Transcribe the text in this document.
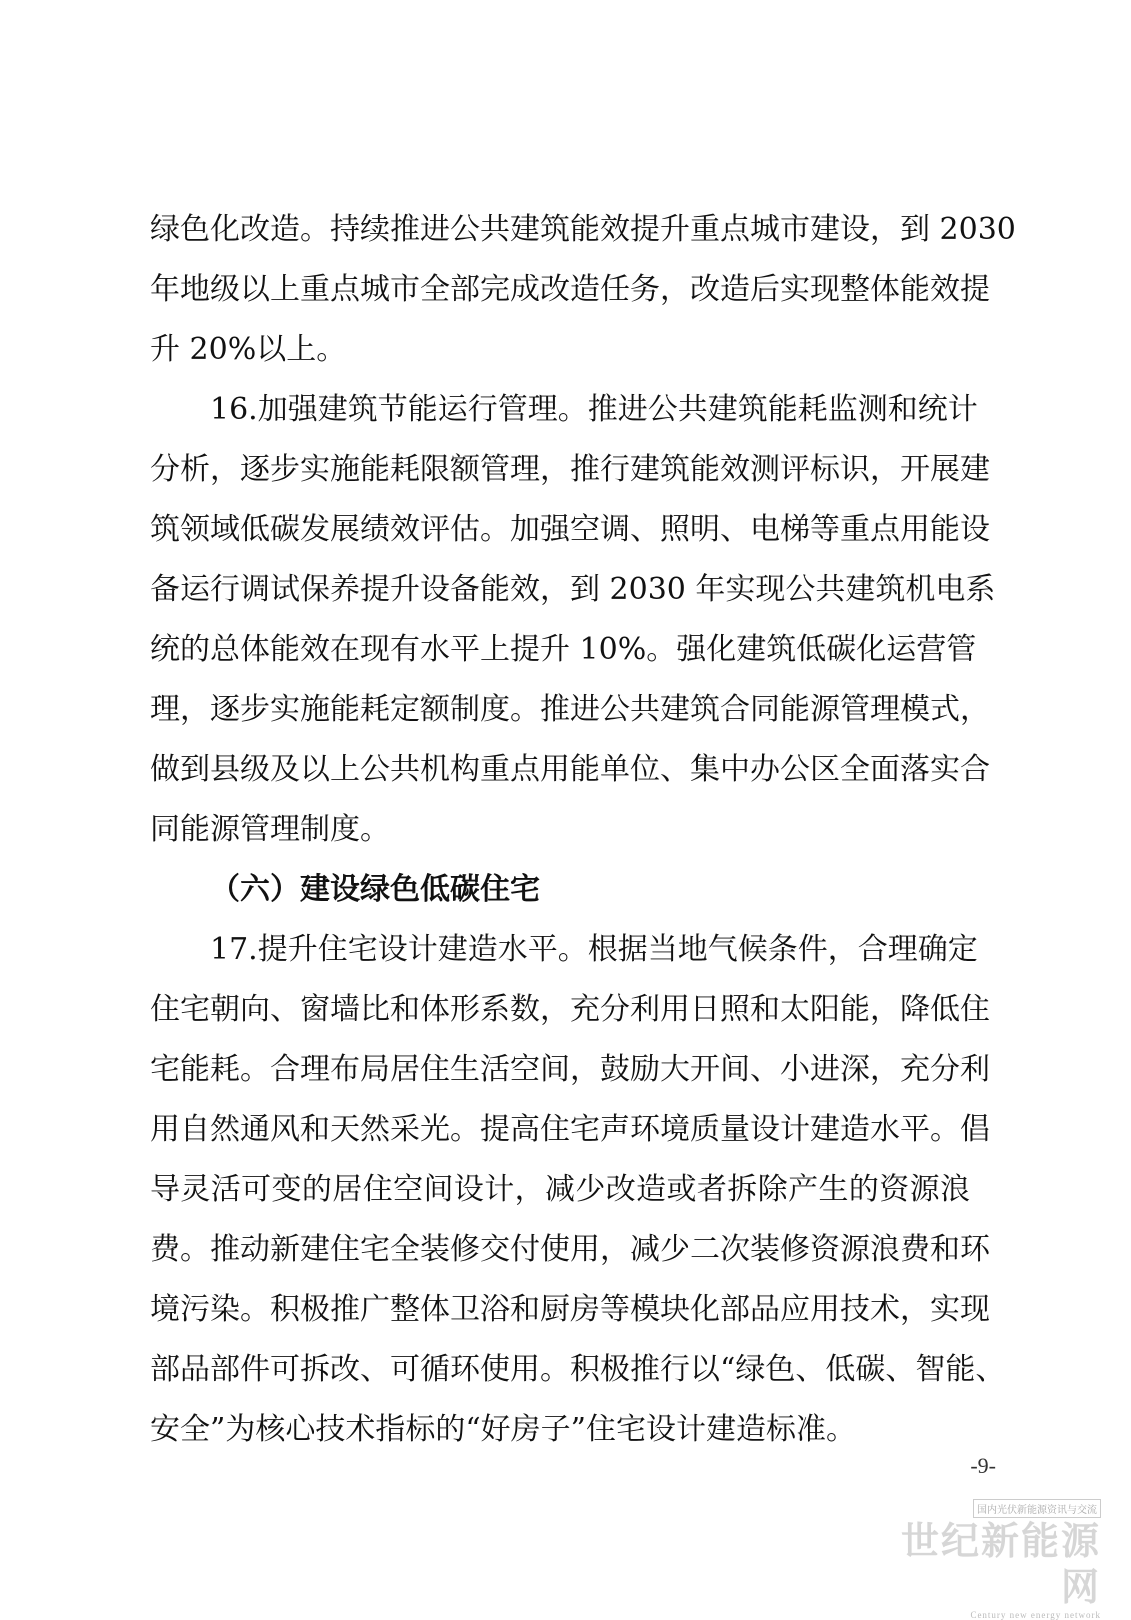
绿色化改造。持续推进公共建筑能效提升重点城市建设，到 2030
年地级以上重点城市全部完成改造任务，改造后实现整体能效提
升 20%以上。
16.加强建筑节能运行管理。推进公共建筑能耗监测和统计
分析，逐步实施能耗限额管理，推行建筑能效测评标识，开展建
筑领域低碳发展绩效评估。加强空调、照明、电梯等重点用能设
备运行调试保养提升设备能效，到 2030 年实现公共建筑机电系
统的总体能效在现有水平上提升 10%。强化建筑低碳化运营管
理，逐步实施能耗定额制度。推进公共建筑合同能源管理模式，
做到县级及以上公共机构重点用能单位、集中办公区全面落实合
同能源管理制度。
（六）建设绿色低碳住宅
17.提升住宅设计建造水平。根据当地气候条件，合理确定
住宅朝向、窗墙比和体形系数，充分利用日照和太阳能，降低住
宅能耗。合理布局居住生活空间，鼓励大开间、小进深，充分利
用自然通风和天然采光。提高住宅声环境质量设计建造水平。倡
导灵活可变的居住空间设计，减少改造或者拆除产生的资源浪
费。推动新建住宅全装修交付使用，减少二次装修资源浪费和环
境污染。积极推广整体卫浴和厨房等模块化部品应用技术，实现
部品部件可拆改、可循环使用。积极推行以“绿色、低碳、智能、
安全”为核心技术指标的“好房子”住宅设计建造标准。
-9-
国内光伏新能源资讯与交流
世纪新能源网
Century new energy network
